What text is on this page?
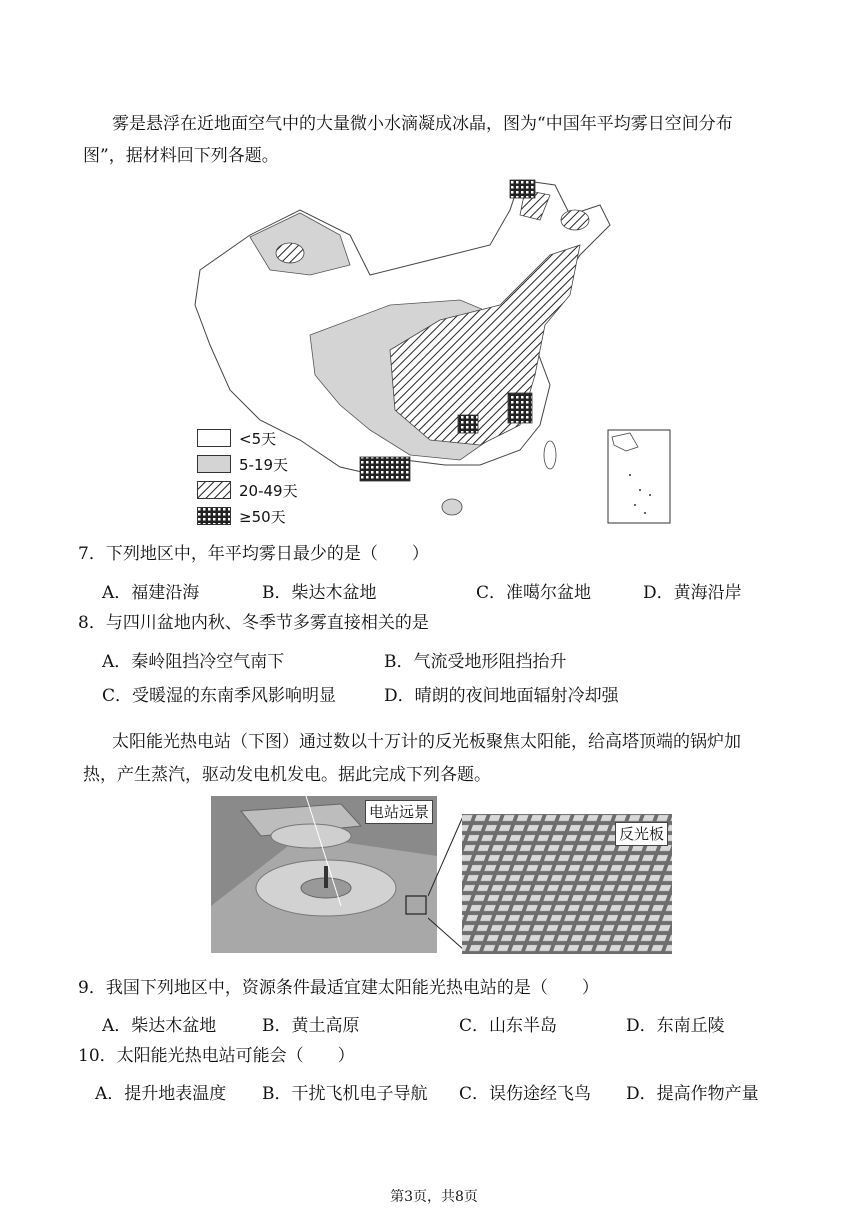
雾是悬浮在近地面空气中的大量微小水滴凝成冰晶，图为“中国年平均雾日空间分布
图”，据材料回下列各题。
<5天
5-19天
20-49天
≥50天
7．下列地区中，年平均雾日最少的是（　　）
A．福建沿海	B．柴达木盆地	C．准噶尔盆地	D．黄海沿岸
8．与四川盆地内秋、冬季节多雾直接相关的是
A．秦岭阻挡冷空气南下	B．气流受地形阻挡抬升
C．受暖湿的东南季风影响明显	D．晴朗的夜间地面辐射冷却强
太阳能光热电站（下图）通过数以十万计的反光板聚焦太阳能，给高塔顶端的锅炉加
热，产生蒸汽，驱动发电机发电。据此完成下列各题。
电站远景
反光板
9．我国下列地区中，资源条件最适宜建太阳能光热电站的是（　　）
A．柴达木盆地	B．黄土高原	C．山东半岛	D．东南丘陵
10．太阳能光热电站可能会（　　）
A．提升地表温度 B．干扰飞机电子导航 C．误伤途经飞鸟 D．提高作物产量
第3页，共8页
